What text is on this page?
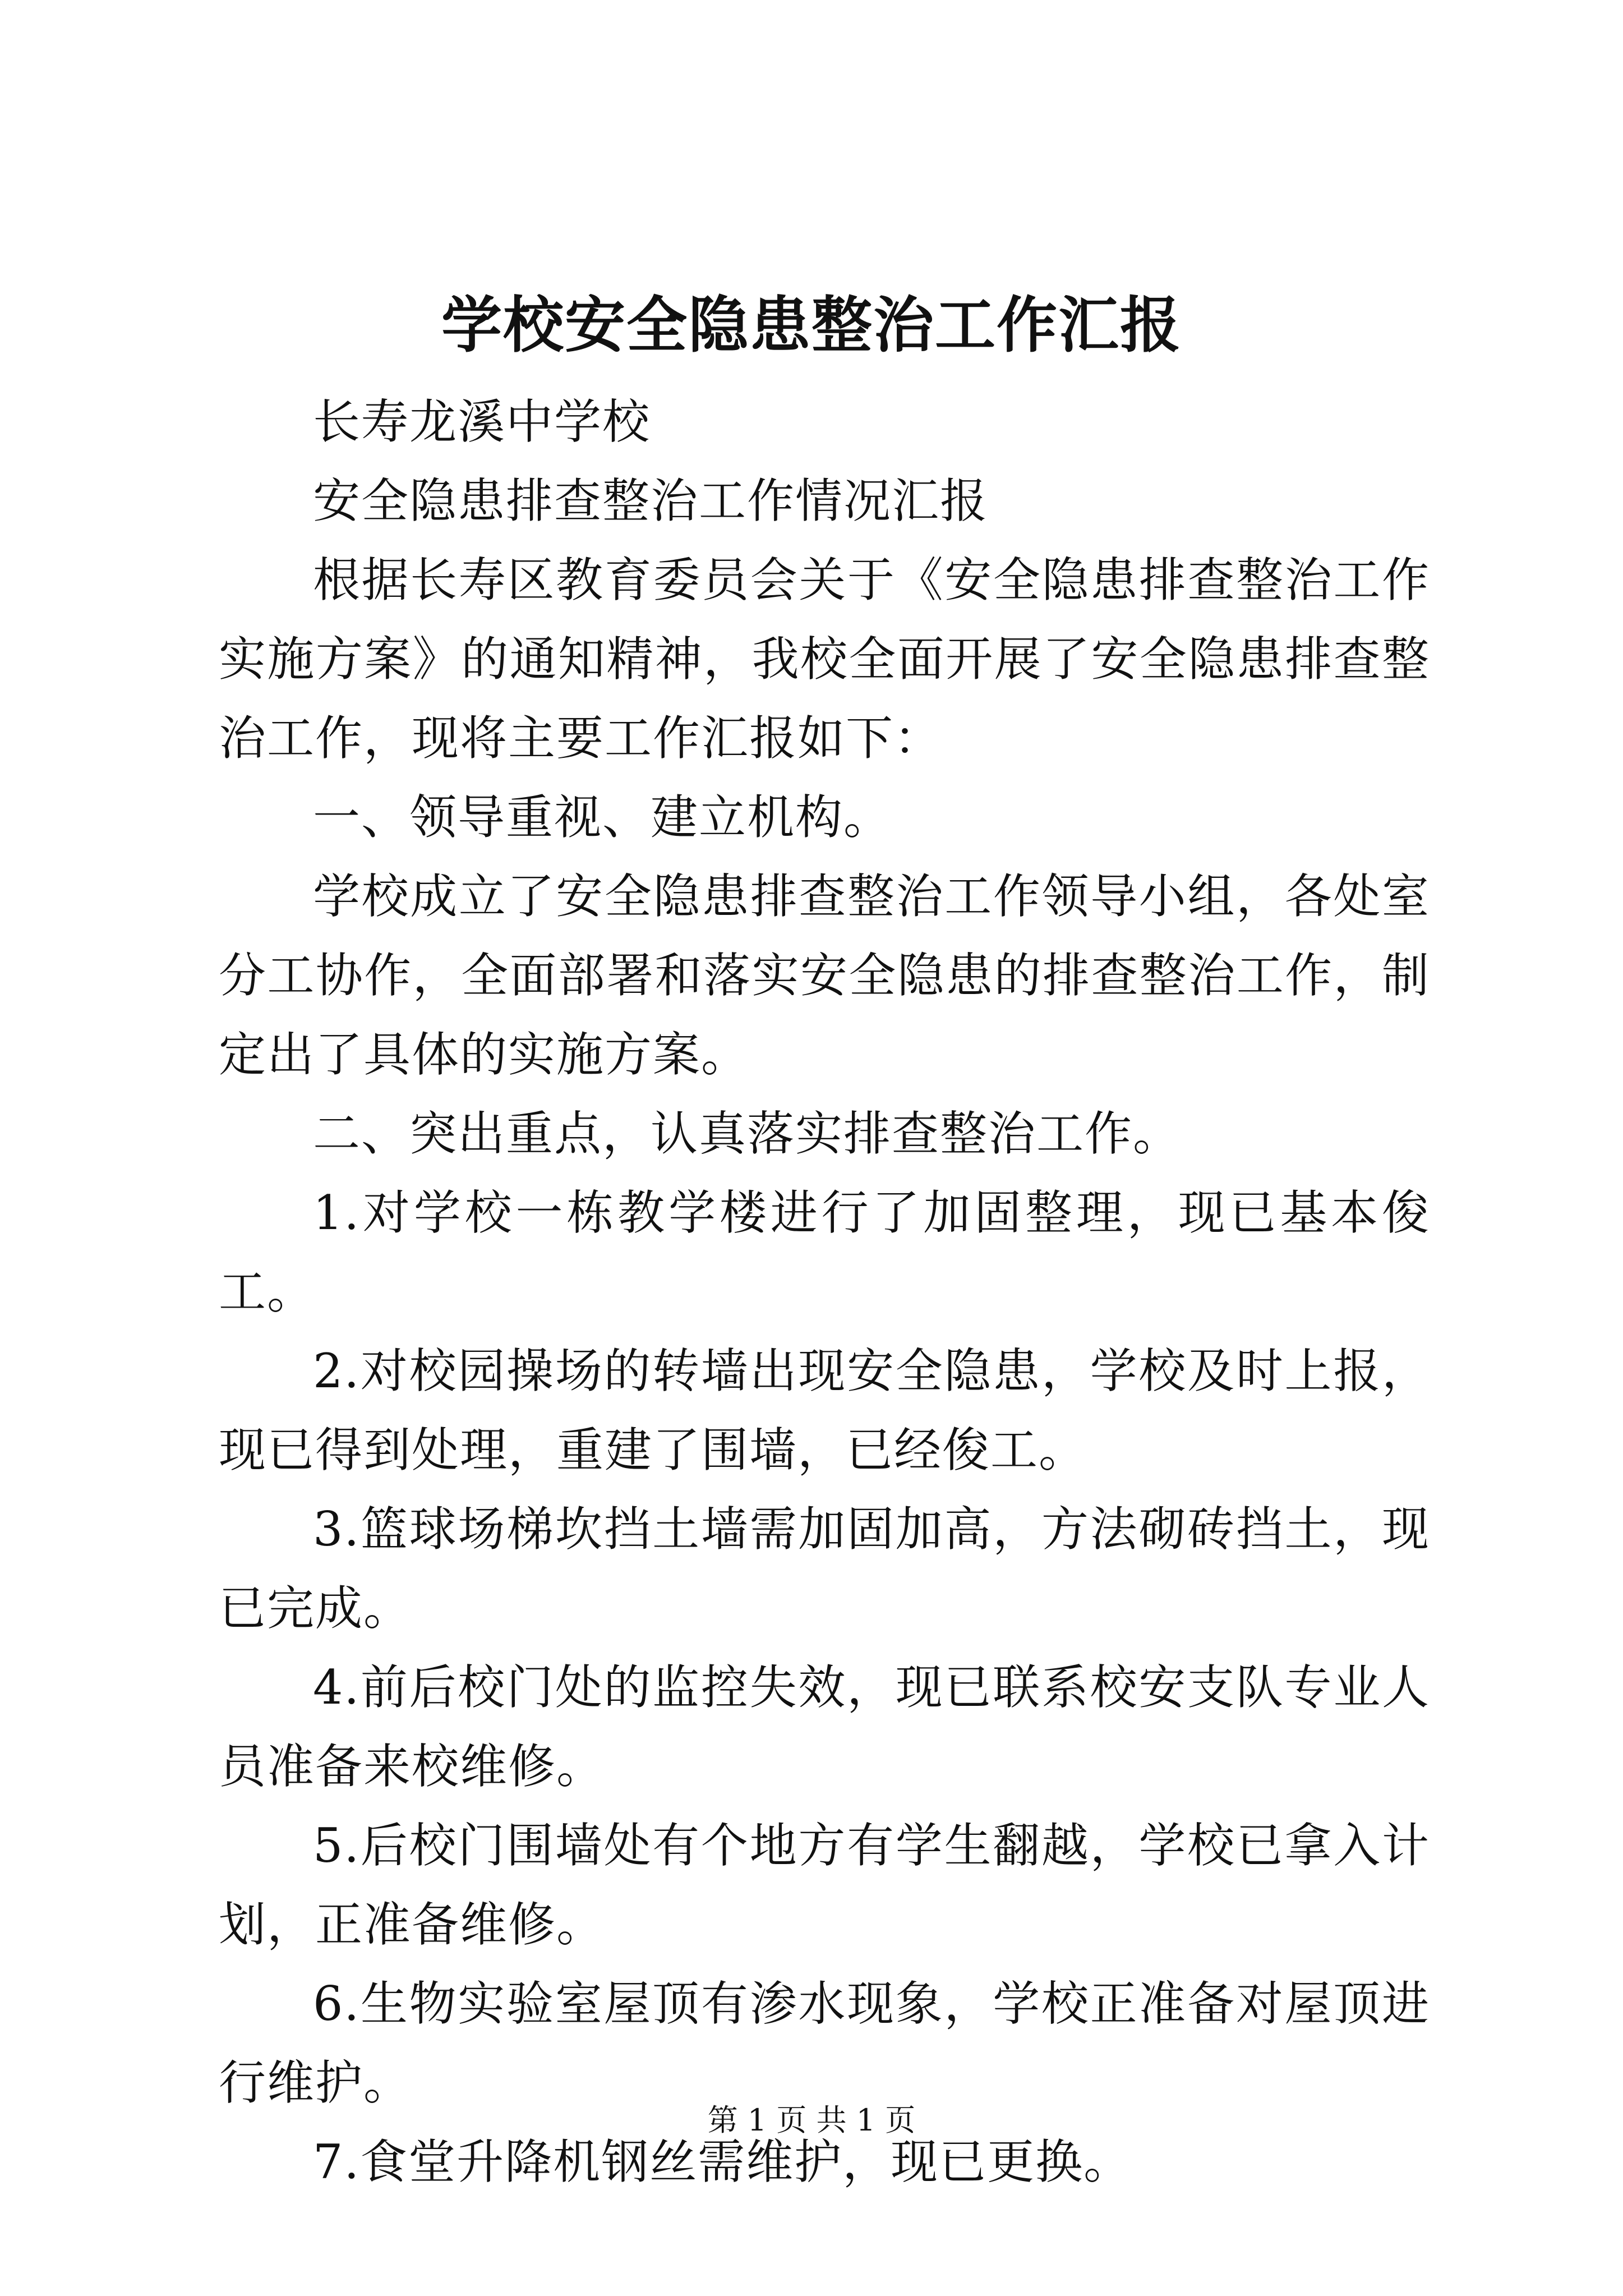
学校安全隐患整治工作汇报

长寿龙溪中学校

安全隐患排查整治工作情况汇报

根据长寿区教育委员会关于《安全隐患排查整治工作实施方案》的通知精神，我校全面开展了安全隐患排查整治工作，现将主要工作汇报如下：

一、领导重视、建立机构。

学校成立了安全隐患排查整治工作领导小组，各处室分工协作，全面部署和落实安全隐患的排查整治工作，制定出了具体的实施方案。

二、突出重点，认真落实排查整治工作。

1.对学校一栋教学楼进行了加固整理，现已基本俊工。

2.对校园操场的转墙出现安全隐患，学校及时上报，现已得到处理，重建了围墙，已经俊工。

3.篮球场梯坎挡土墙需加固加高，方法砌砖挡土，现已完成。

4.前后校门处的监控失效，现已联系校安支队专业人员准备来校维修。

5.后校门围墙处有个地方有学生翻越，学校已拿入计划，正准备维修。

6.生物实验室屋顶有渗水现象，学校正准备对屋顶进行维护。

7.食堂升降机钢丝需维护，现已更换。

第 1 页 共 1 页
